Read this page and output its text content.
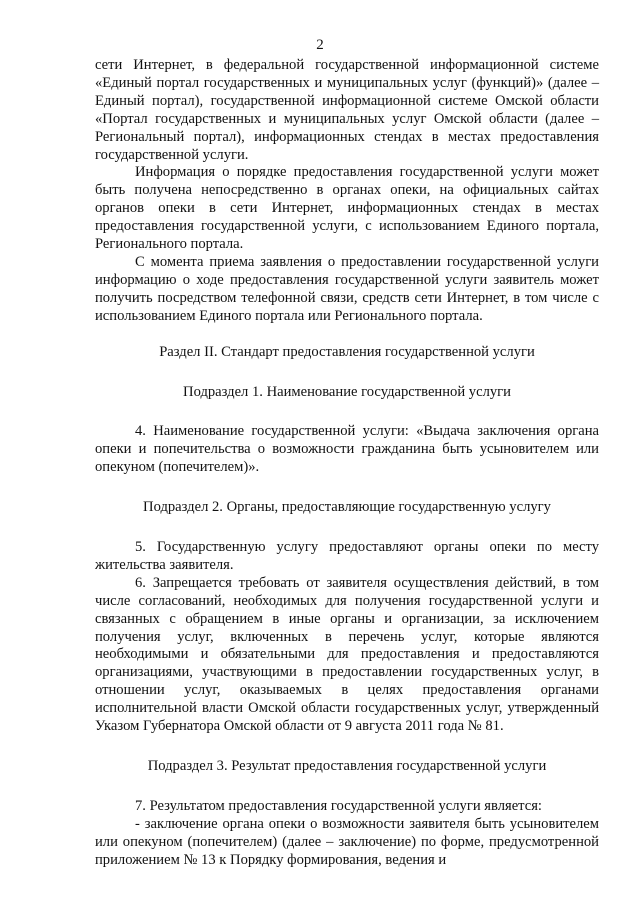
2

сети Интернет, в федеральной государственной информационной системе «Единый портал государственных и муниципальных услуг (функций)» (далее – Единый портал), государственной информационной системе Омской области «Портал государственных и муниципальных услуг Омской области (далее – Региональный портал), информационных стендах в местах предоставления государственной услуги.

Информация о порядке предоставления государственной услуги может быть получена непосредственно в органах опеки, на официальных сайтах органов опеки в сети Интернет, информационных стендах в местах предоставления государственной услуги, с использованием Единого портала, Регионального портала.

С момента приема заявления о предоставлении государственной услуги информацию о ходе предоставления государственной услуги заявитель может получить посредством телефонной связи, средств сети Интернет, в том числе с использованием Единого портала или Регионального портала.

Раздел II. Стандарт предоставления государственной услуги

Подраздел 1. Наименование государственной услуги

4. Наименование государственной услуги: «Выдача заключения органа опеки и попечительства о возможности гражданина быть усыновителем или опекуном (попечителем)».

Подраздел 2. Органы, предоставляющие государственную услугу

5. Государственную услугу предоставляют органы опеки по месту жительства заявителя.

6. Запрещается требовать от заявителя осуществления действий, в том числе согласований, необходимых для получения государственной услуги и связанных с обращением в иные органы и организации, за исключением получения услуг, включенных в перечень услуг, которые являются необходимыми и обязательными для предоставления и предоставляются организациями, участвующими в предоставлении государственных услуг, в отношении услуг, оказываемых в целях предоставления органами исполнительной власти Омской области государственных услуг, утвержденный Указом Губернатора Омской области от 9 августа 2011 года № 81.

Подраздел 3. Результат предоставления государственной услуги

7. Результатом предоставления государственной услуги является:

- заключение органа опеки о возможности заявителя быть усыновителем или опекуном (попечителем) (далее – заключение) по форме, предусмотренной приложением № 13 к Порядку формирования, ведения и
